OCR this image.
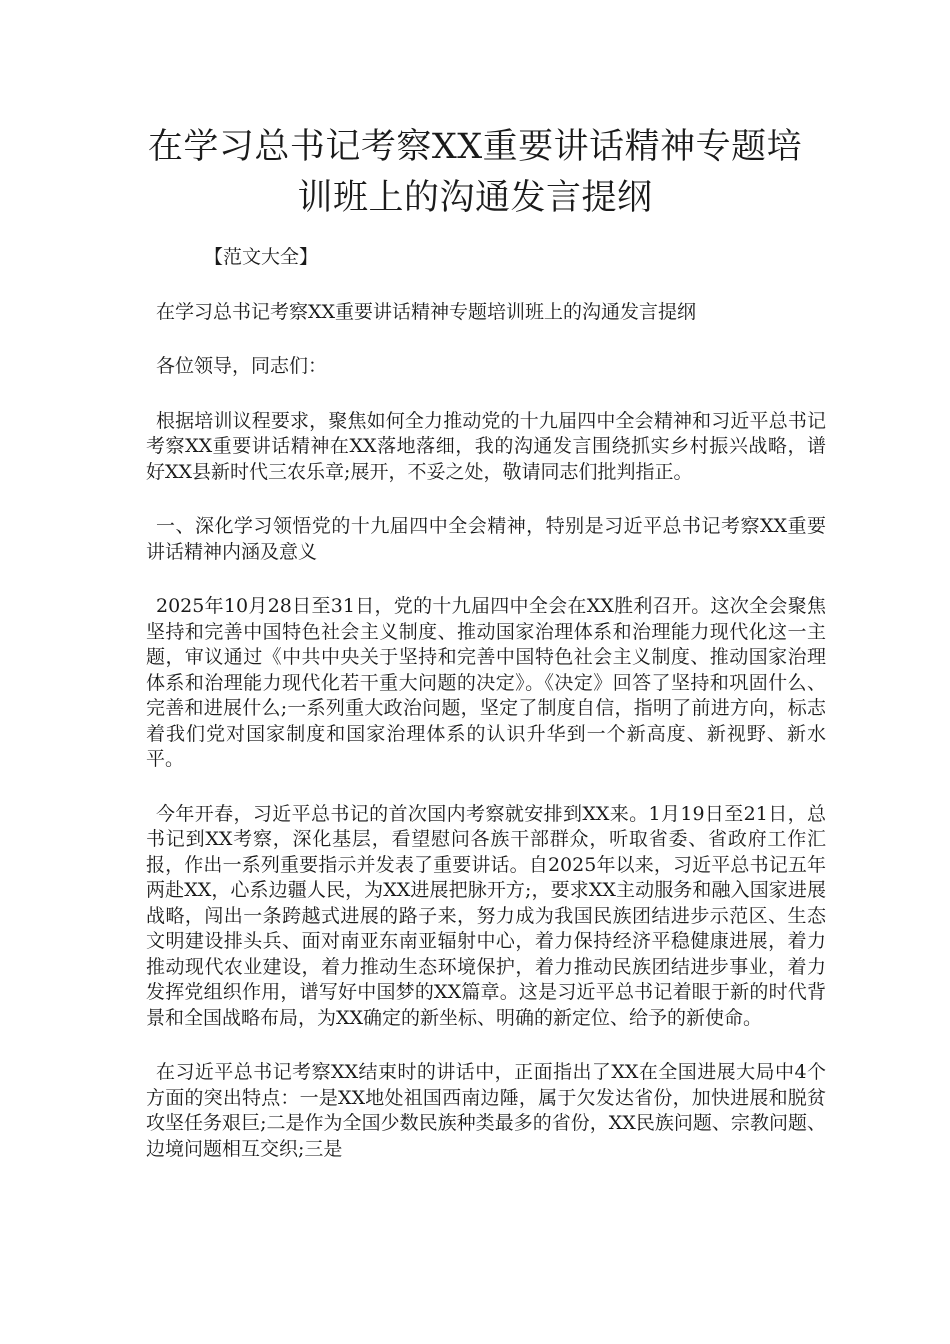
在学习总书记考察XX重要讲话精神专题培
训班上的沟通发言提纲

【范文大全】

在学习总书记考察XX重要讲话精神专题培训班上的沟通发言提纲

各位领导，同志们：

根据培训议程要求，聚焦如何全力推动党的十九届四中全会精神和习近平总书记考察XX重要讲话精神在XX落地落细，我的沟通发言围绕抓实乡村振兴战略，谱好XX县新时代三农乐章;展开，不妥之处，敬请同志们批判指正。

一、深化学习领悟党的十九届四中全会精神，特别是习近平总书记考察XX重要讲话精神内涵及意义

2025年10月28日至31日，党的十九届四中全会在XX胜利召开。这次全会聚焦坚持和完善中国特色社会主义制度、推动国家治理体系和治理能力现代化这一主题，审议通过《中共中央关于坚持和完善中国特色社会主义制度、推动国家治理体系和治理能力现代化若干重大问题的决定》。《决定》回答了坚持和巩固什么、完善和进展什么;一系列重大政治问题，坚定了制度自信，指明了前进方向，标志着我们党对国家制度和国家治理体系的认识升华到一个新高度、新视野、新水平。

今年开春，习近平总书记的首次国内考察就安排到XX来。1月19日至21日，总书记到XX考察，深化基层，看望慰问各族干部群众，听取省委、省政府工作汇报，作出一系列重要指示并发表了重要讲话。自2025年以来，习近平总书记五年两赴XX，心系边疆人民，为XX进展把脉开方;，要求XX主动服务和融入国家进展战略，闯出一条跨越式进展的路子来，努力成为我国民族团结进步示范区、生态文明建设排头兵、面对南亚东南亚辐射中心，着力保持经济平稳健康进展，着力推动现代农业建设，着力推动生态环境保护，着力推动民族团结进步事业，着力发挥党组织作用，谱写好中国梦的XX篇章。这是习近平总书记着眼于新的时代背景和全国战略布局，为XX确定的新坐标、明确的新定位、给予的新使命。

在习近平总书记考察XX结束时的讲话中，正面指出了XX在全国进展大局中4个方面的突出特点：一是XX地处祖国西南边陲，属于欠发达省份，加快进展和脱贫攻坚任务艰巨;二是作为全国少数民族种类最多的省份，XX民族问题、宗教问题、边境问题相互交织;三是
